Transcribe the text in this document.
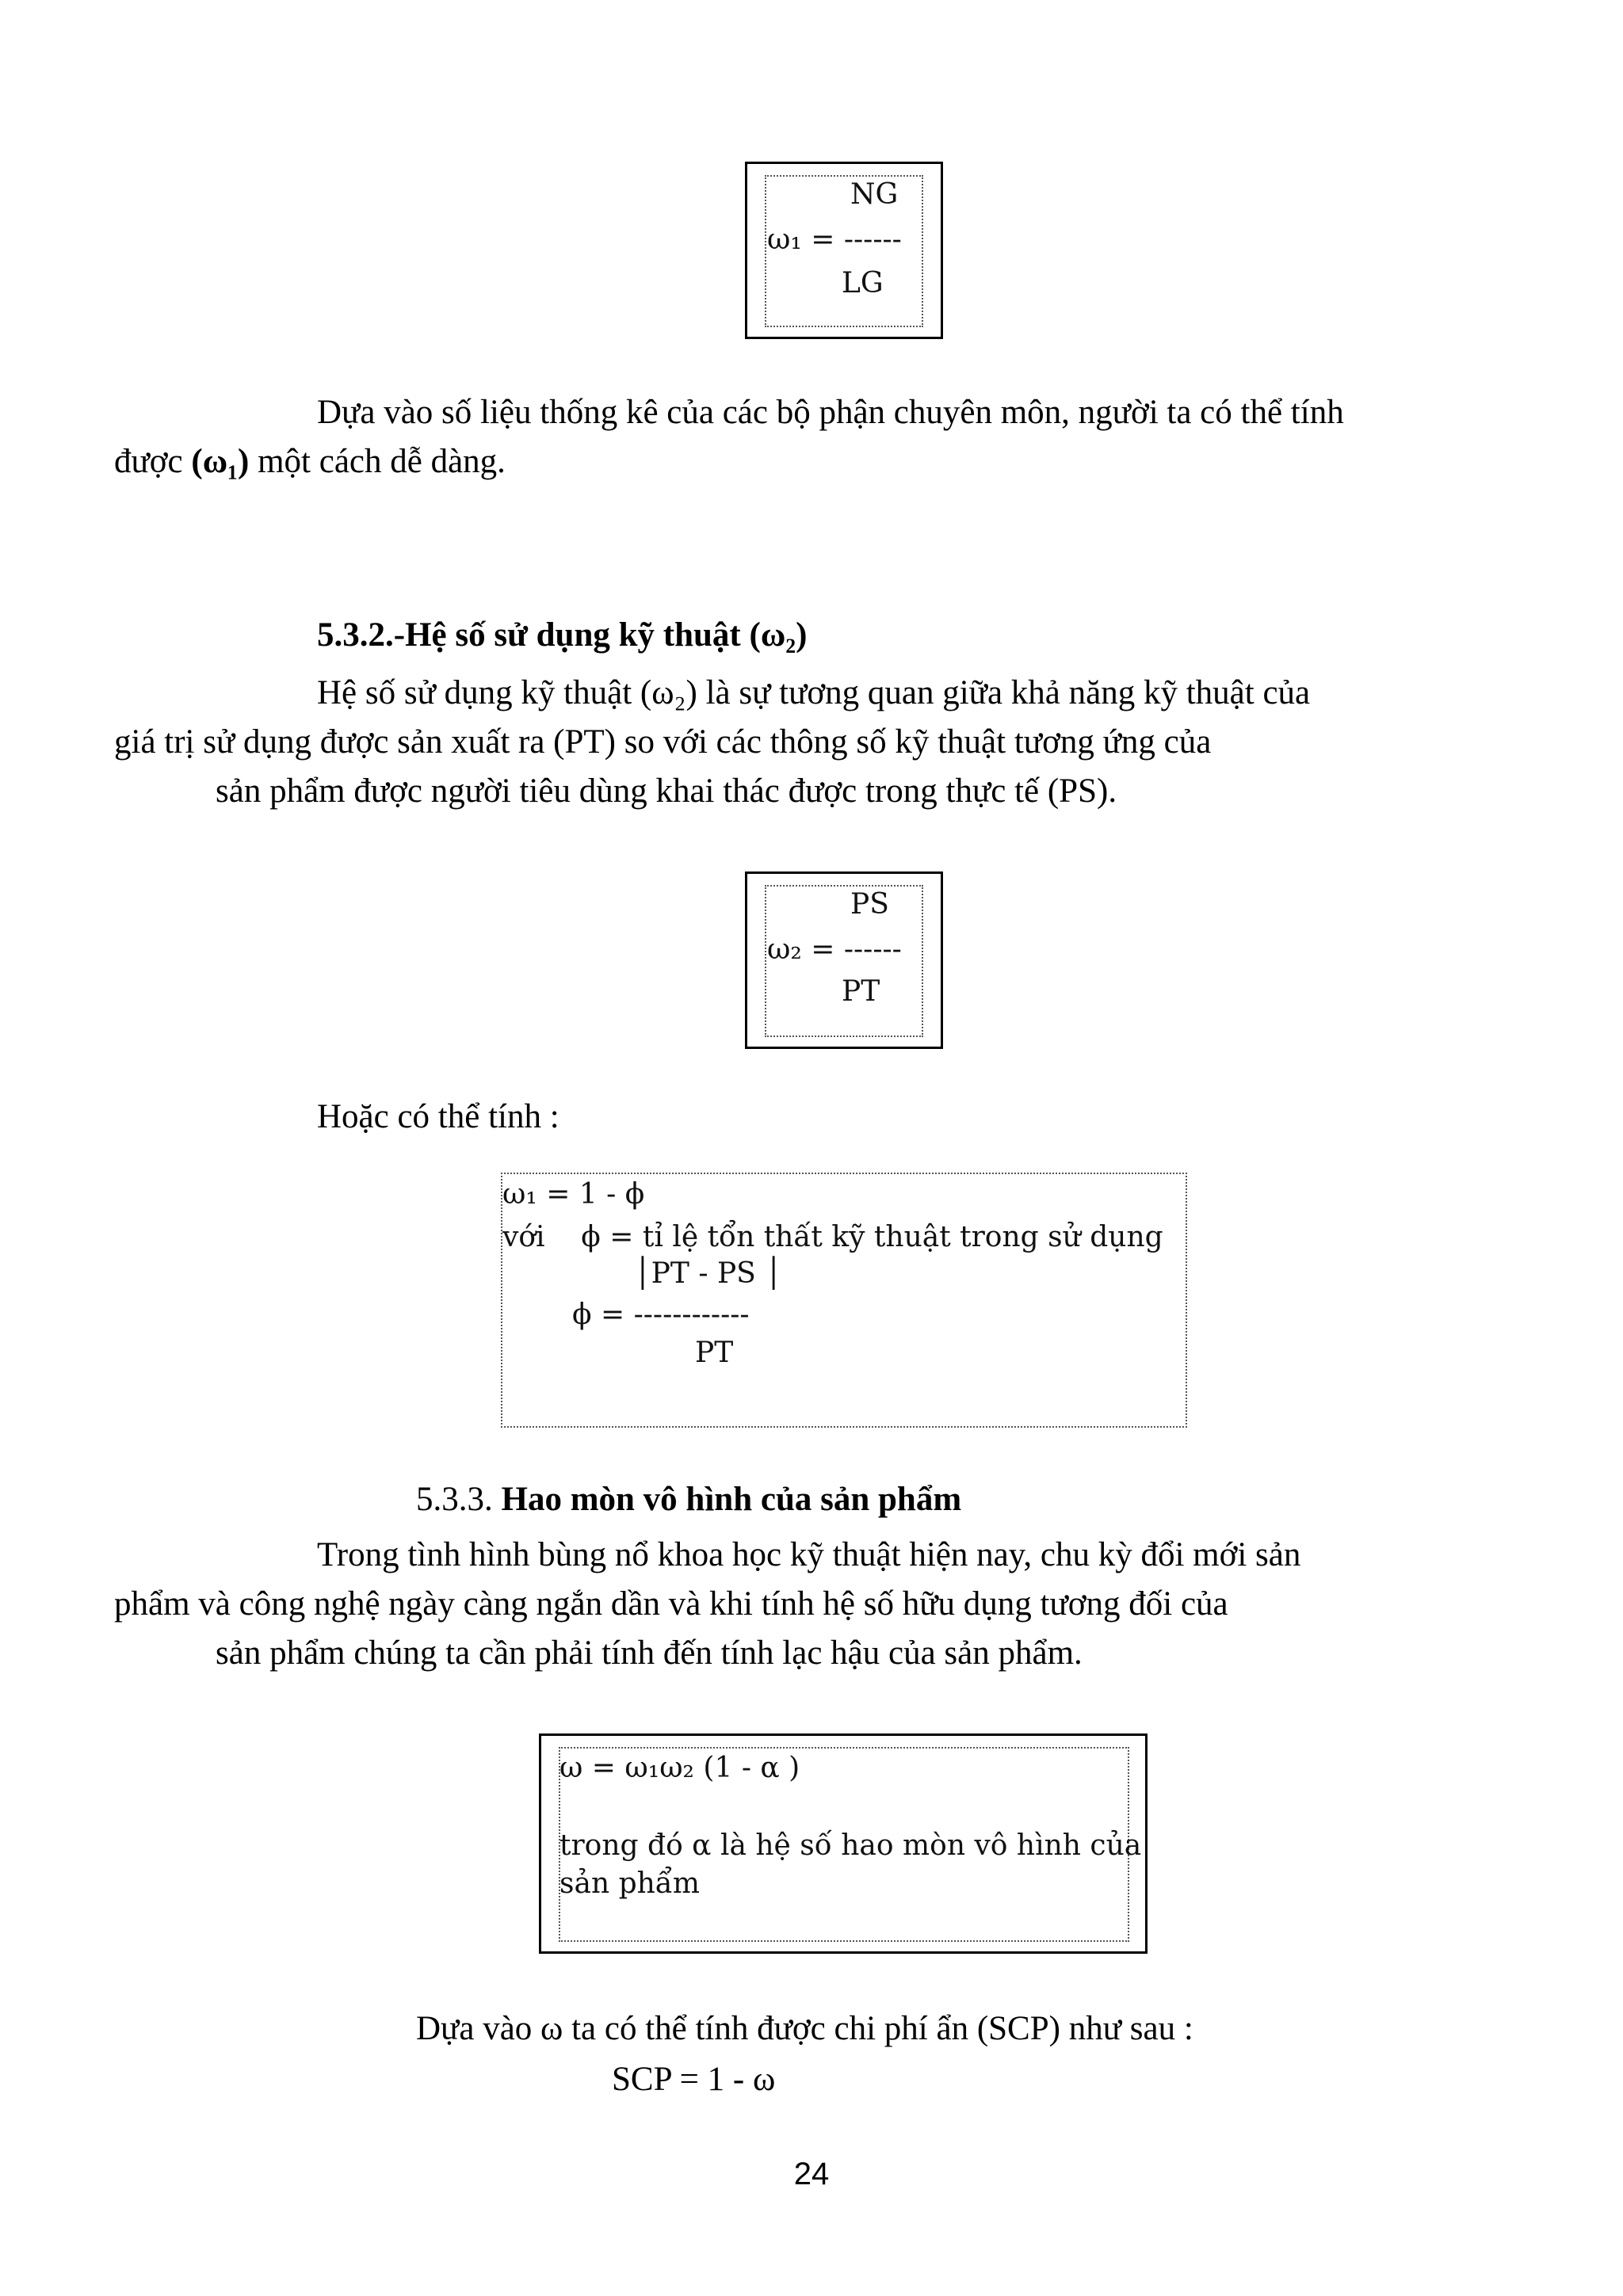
NG
ω₁ = ------
LG

Dựa vào số liệu thống kê của các bộ phận chuyên môn, người ta có thể tính
được (ω₁) một cách dễ dàng.

5.3.2.-Hệ số sử dụng kỹ thuật (ω₂)

Hệ số sử dụng kỹ thuật (ω₂) là sự tương quan giữa khả năng kỹ thuật của
giá trị sử dụng được sản xuất ra (PT) so với các thông số kỹ thuật tương ứng của
sản phẩm được người tiêu dùng khai thác được trong thực tế (PS).

PS
ω₂ = ------
PT
Hoặc có thể tính :
ω₁ = 1 - ϕ
với    ϕ = tỉ lệ tổn thất kỹ thuật trong sử dụng
│PT - PS │
ϕ = ------------
PT
5.3.3. Hao mòn vô hình của sản phẩm

Trong tình hình bùng nổ khoa học kỹ thuật hiện nay, chu kỳ đổi mới sản
phẩm và công nghệ ngày càng ngắn dần và khi tính hệ số hữu dụng tương đối của
sản phẩm chúng ta cần phải tính đến tính lạc hậu của sản phẩm.

ω = ω₁ω₂ (1 - α )
trong đó α là hệ số hao mòn vô hình của
sản phẩm
Dựa vào ω ta có thể tính được chi phí ẩn (SCP) như sau :
SCP = 1 - ω
24
